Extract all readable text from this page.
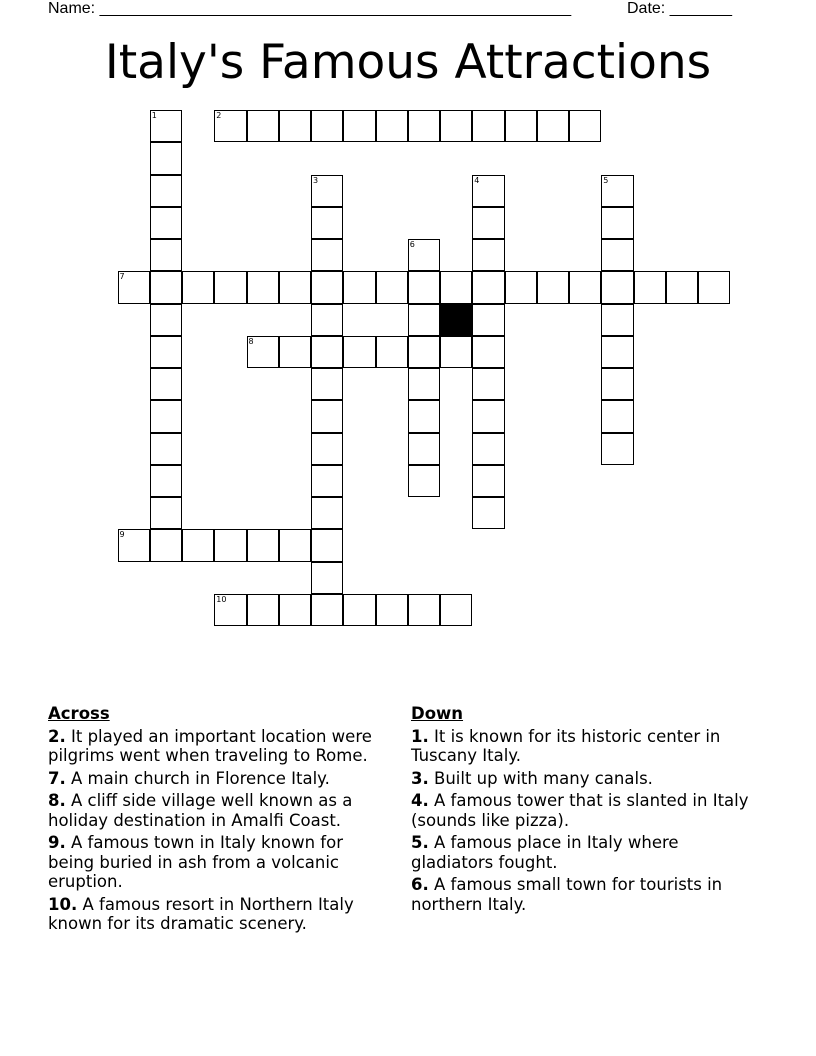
Name: _____________________________________________________	Date: _______
Italy's Famous Attractions
1	2
3	4	5
6
7
8
9
10
Across
2. It played an important location were pilgrims went when traveling to Rome.
7. A main church in Florence Italy.
8. A cliff side village well known as a holiday destination in Amalfi Coast.
9. A famous town in Italy known for being buried in ash from a volcanic eruption.
10. A famous resort in Northern Italy known for its dramatic scenery.
Down
1. It is known for its historic center in Tuscany Italy.
3. Built up with many canals.
4. A famous tower that is slanted in Italy (sounds like pizza).
5. A famous place in Italy where gladiators fought.
6. A famous small town for tourists in northern Italy.
